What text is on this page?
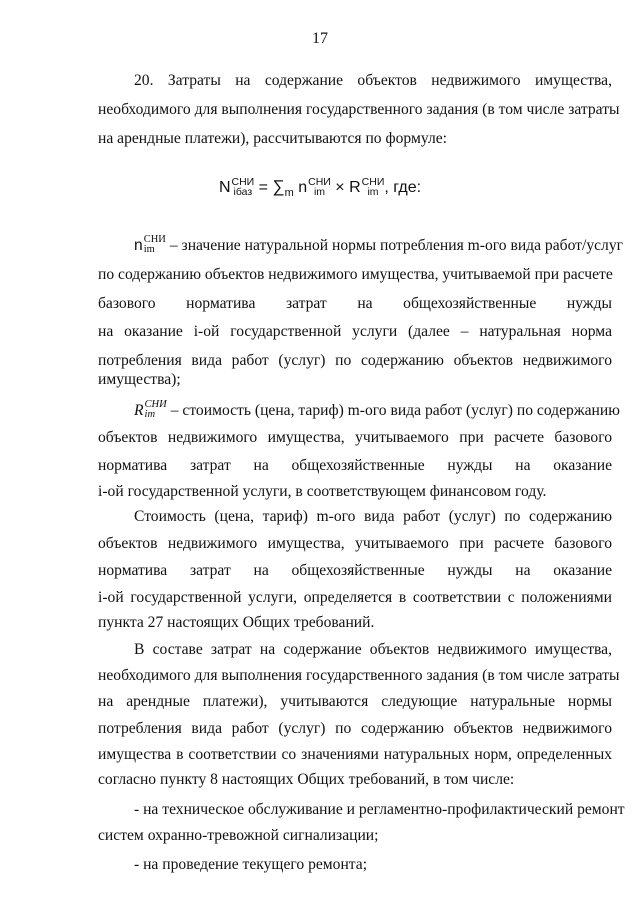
17
20. Затраты на содержание объектов недвижимого имущества,
необходимого для выполнения государственного задания (в том числе затраты
на арендные платежи), рассчитываются по формуле:
N СНИ
iбаз = $\sum_m$ n СНИ
im × R СНИ
im , где:
n СНИ
im – значение натуральной нормы потребления m-ого вида работ/услуг
по содержанию объектов недвижимого имущества, учитываемой при расчете
базового норматива затрат на общехозяйственные нужды
на оказание i-ой государственной услуги (далее – натуральная норма
потребления вида работ (услуг) по содержанию объектов недвижимого
имущества);
R СНИ
im	– стоимость (цена, тариф) m-ого вида работ (услуг) по содержанию
объектов недвижимого имущества, учитываемого при расчете базового
норматива затрат на общехозяйственные нужды на оказание
i-ой государственной услуги, в соответствующем финансовом году.
Стоимость (цена, тариф) m-ого вида работ (услуг) по содержанию
объектов недвижимого имущества, учитываемого при расчете базового
норматива затрат на общехозяйственные нужды на оказание
i-ой государственной услуги, определяется в соответствии с положениями
пункта 27 настоящих Общих требований.
В составе затрат на содержание объектов недвижимого имущества,
необходимого для выполнения государственного задания (в том числе затраты
на арендные платежи), учитываются следующие натуральные нормы
потребления вида работ (услуг) по содержанию объектов недвижимого
имущества в соответствии со значениями натуральных норм, определенных
согласно пункту 8 настоящих Общих требований, в том числе:
- на техническое обслуживание и регламентно-профилактический ремонт
систем охранно-тревожной сигнализации;
- на проведение текущего ремонта;
